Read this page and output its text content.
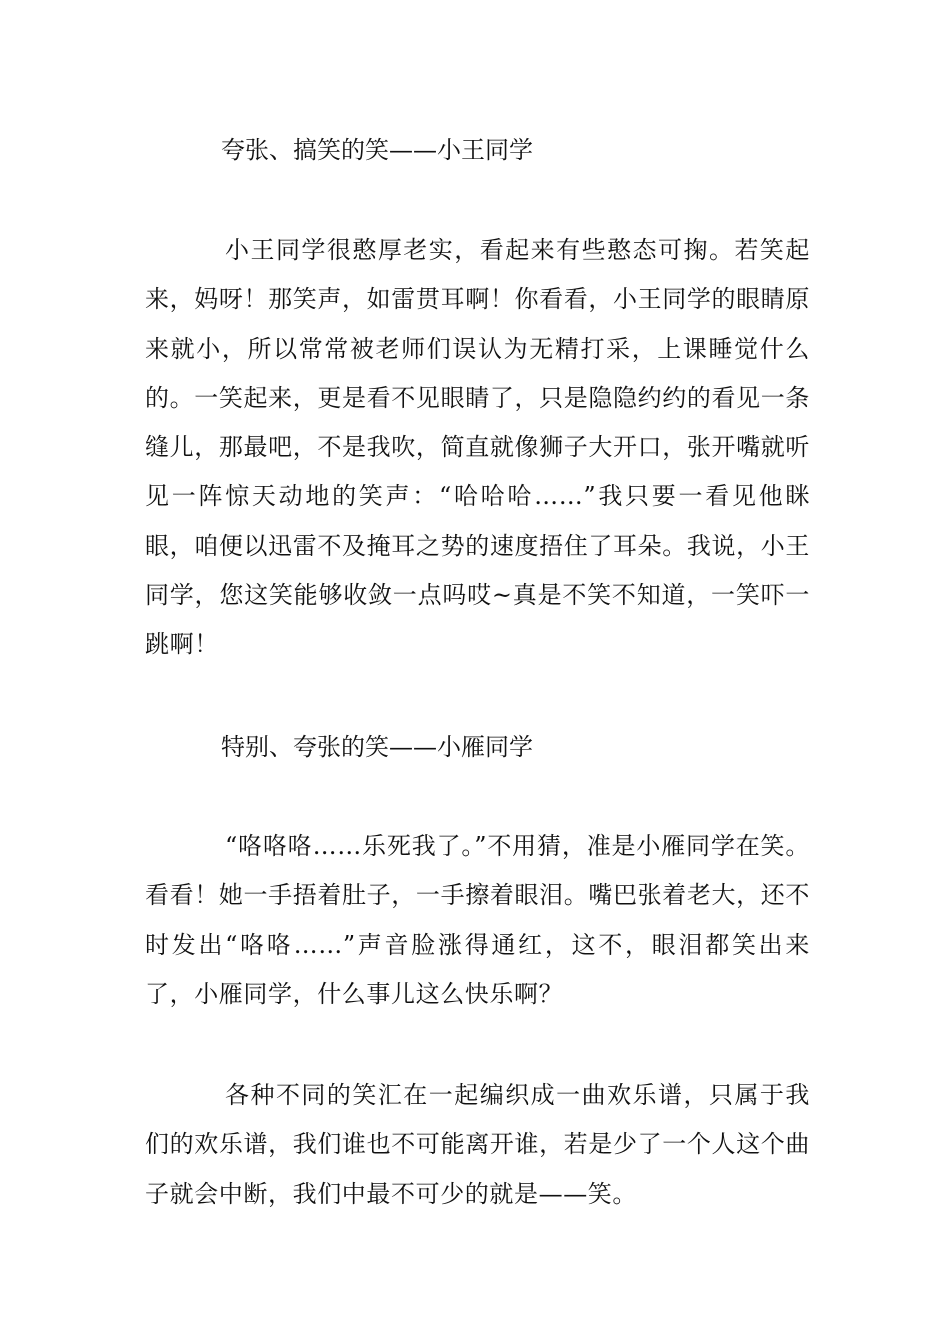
夸张、搞笑的笑——小王同学

小王同学很憨厚老实，看起来有些憨态可掬。若笑起来，妈呀！那笑声，如雷贯耳啊！你看看，小王同学的眼睛原来就小，所以常常被老师们误认为无精打采，上课睡觉什么的。一笑起来，更是看不见眼睛了，只是隐隐约约的看见一条缝儿，那最吧，不是我吹，简直就像狮子大开口，张开嘴就听见一阵惊天动地的笑声：“哈哈哈……”我只要一看见他眯眼，咱便以迅雷不及掩耳之势的速度捂住了耳朵。我说，小王同学，您这笑能够收敛一点吗哎~真是不笑不知道，一笑吓一跳啊！

特别、夸张的笑——小雁同学

“咯咯咯……乐死我了。”不用猜，准是小雁同学在笑。看看！她一手捂着肚子，一手擦着眼泪。嘴巴张着老大，还不时发出“咯咯……”声音脸涨得通红，这不，眼泪都笑出来了，小雁同学，什么事儿这么快乐啊？

各种不同的笑汇在一起编织成一曲欢乐谱，只属于我们的欢乐谱，我们谁也不可能离开谁，若是少了一个人这个曲子就会中断，我们中最不可少的就是——笑。
